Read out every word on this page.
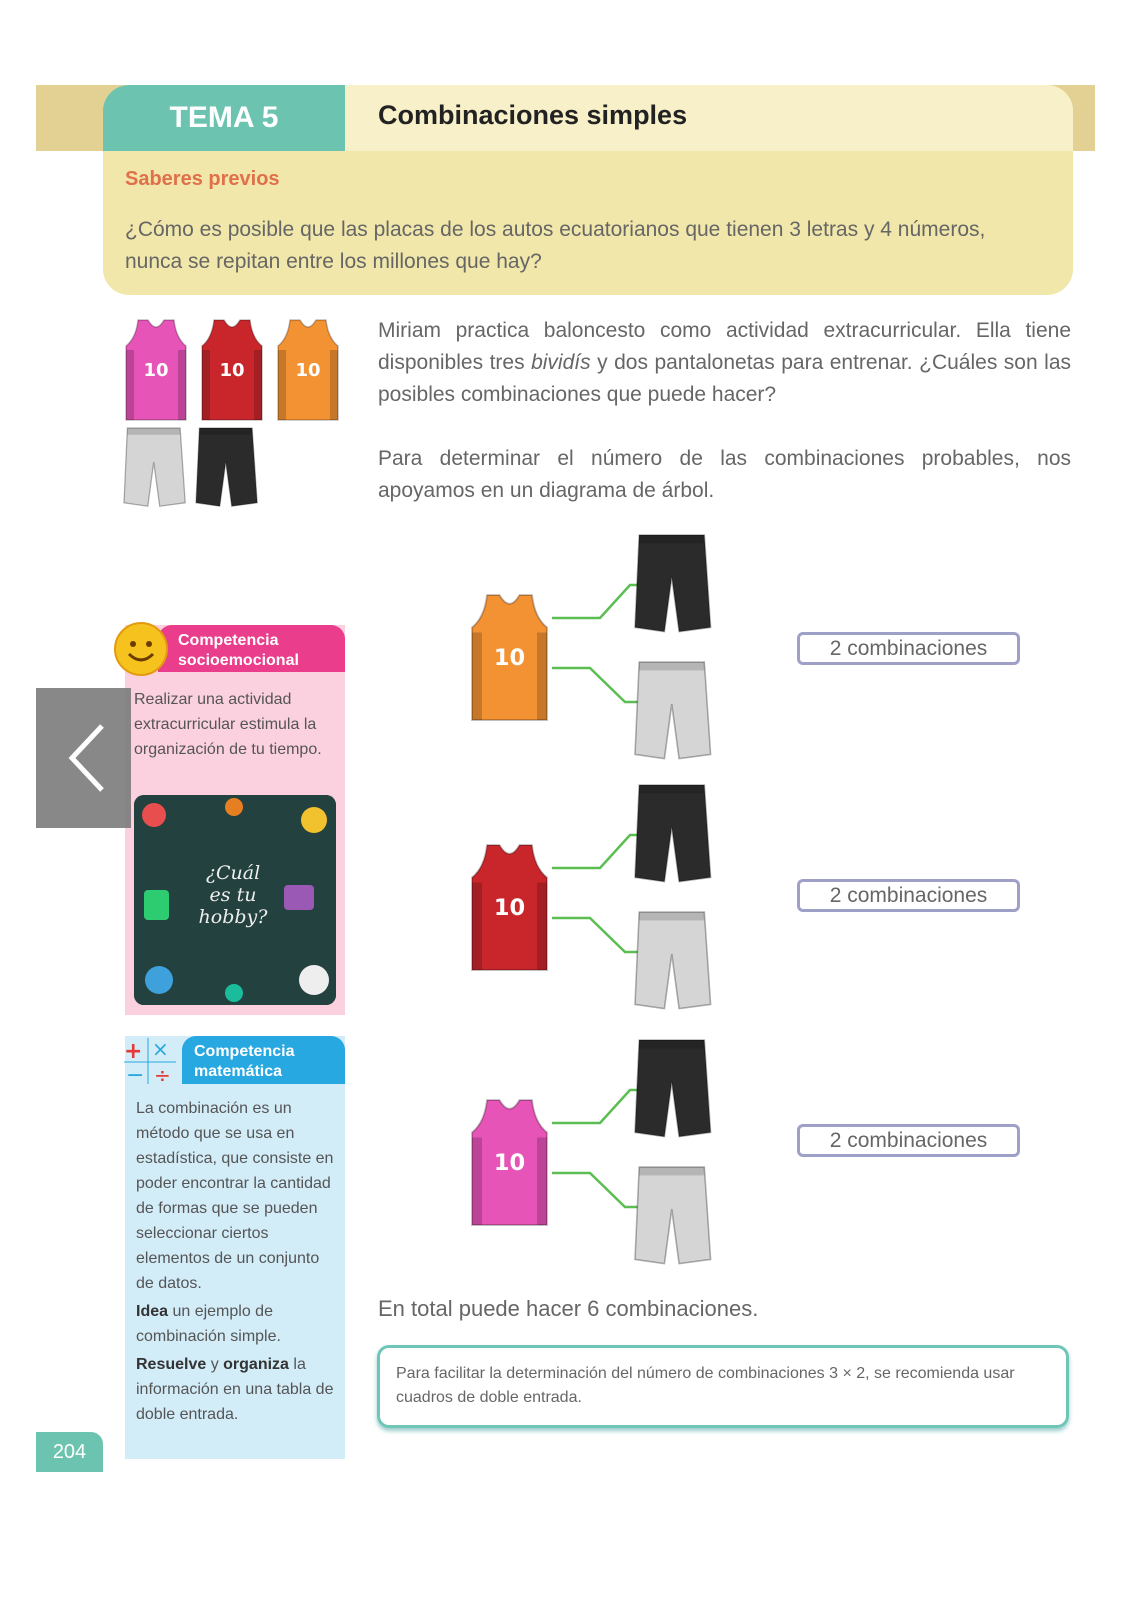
TEMA 5	Combinaciones simples
Saberes previos
¿Cómo es posible que las placas de los autos ecuatorianos que tienen 3 letras y 4 números, nunca se repitan entre los millones que hay?
10	10	10
Miriam practica baloncesto como actividad extracurricular. Ella tiene disponibles tres bividís y dos pantalonetas para entrenar. ¿Cuáles son las posibles combinaciones que puede hacer?
Para determinar el número de las combinaciones probables, nos apoyamos en un diagrama de árbol.
10
10
10
2 combinaciones
2 combinaciones
2 combinaciones
En total puede hacer 6 combinaciones.
Para facilitar la determinación del número de combinaciones 3 × 2, se recomienda usar cuadros de doble entrada.
Competencia
socioemocional
Realizar una actividad extracurricular estimula la organización de tu tiempo.
¿Cuál
es tu
hobby?
+ ×
− ÷
Competencia
matemática
La combinación es un método que se usa en estadística, que consiste en poder encontrar la cantidad de formas que se pueden seleccionar ciertos elementos de un conjunto de datos.
Idea un ejemplo de combinación simple.
Resuelve y organiza la información en una tabla de doble entrada.
204
